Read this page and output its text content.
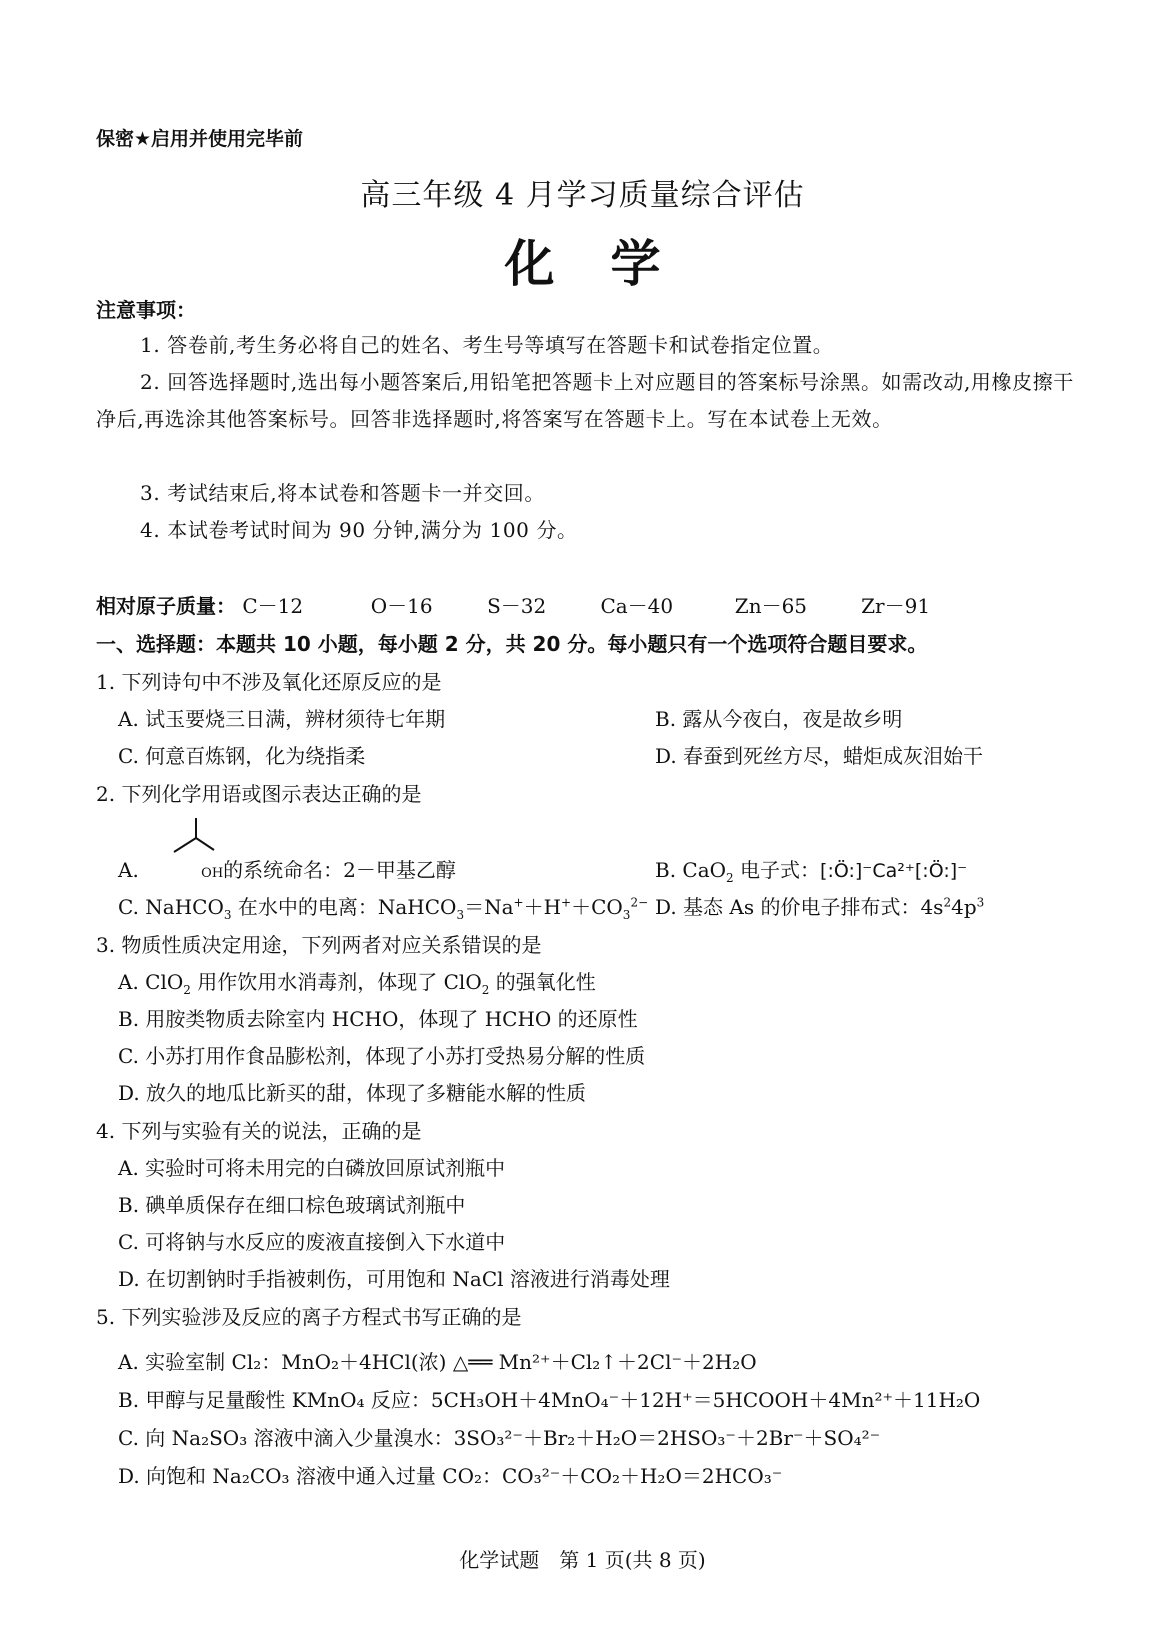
保密★启用并使用完毕前
高三年级 4 月学习质量综合评估
化学
注意事项：
1. 答卷前,考生务必将自己的姓名、考生号等填写在答题卡和试卷指定位置。
2. 回答选择题时,选出每小题答案后,用铅笔把答题卡上对应题目的答案标号涂黑。如需改动,用橡皮擦干净后,再选涂其他答案标号。回答非选择题时,将答案写在答题卡上。写在本试卷上无效。
3. 考试结束后,将本试卷和答题卡一并交回。
4. 本试卷考试时间为 90 分钟,满分为 100 分。
相对原子质量： C－12	O－16	S－32	Ca－40	Zn－65	Zr－91
一、选择题：本题共 10 小题，每小题 2 分，共 20 分。每小题只有一个选项符合题目要求。
1. 下列诗句中不涉及氧化还原反应的是
A. 试玉要烧三日满，辨材须待七年期	B. 露从今夜白，夜是故乡明
C. 何意百炼钢，化为绕指柔	D. 春蚕到死丝方尽，蜡炬成灰泪始干
2. 下列化学用语或图示表达正确的是
A.	OH的系统命名：2－甲基乙醇	B. CaO$_2$ 电子式：[:Ö:]⁻Ca²⁺[:Ö:]⁻
C. NaHCO$_3$ 在水中的电离：$NaHCO_3=Na^++H^++CO_3^{2-}$ D. 基态 As 的价电子排布式：$4s^24p^3$
3. 物质性质决定用途，下列两者对应关系错误的是
A. ClO$_2$ 用作饮用水消毒剂，体现了 ClO$_2$ 的强氧化性
B. 用胺类物质去除室内 HCHO，体现了 HCHO 的还原性
C. 小苏打用作食品膨松剂，体现了小苏打受热易分解的性质
D. 放久的地瓜比新买的甜，体现了多糖能水解的性质
4. 下列与实验有关的说法，正确的是
A. 实验时可将未用完的白磷放回原试剂瓶中
B. 碘单质保存在细口棕色玻璃试剂瓶中
C. 可将钠与水反应的废液直接倒入下水道中
D. 在切割钠时手指被刺伤，可用饱和 NaCl 溶液进行消毒处理
5. 下列实验涉及反应的离子方程式书写正确的是
A. 实验室制 Cl₂：MnO₂＋4HCl(浓) △══ Mn²⁺＋Cl₂↑＋2Cl⁻＋2H₂O
B. 甲醇与足量酸性 KMnO₄ 反应：5CH₃OH＋4MnO₄⁻＋12H⁺＝5HCOOH＋4Mn²⁺＋11H₂O
C. 向 Na₂SO₃ 溶液中滴入少量溴水：3SO₃²⁻＋Br₂＋H₂O＝2HSO₃⁻＋2Br⁻＋SO₄²⁻
D. 向饱和 Na₂CO₃ 溶液中通入过量 CO₂：CO₃²⁻＋CO₂＋H₂O＝2HCO₃⁻
化学试题　第 1 页(共 8 页)
